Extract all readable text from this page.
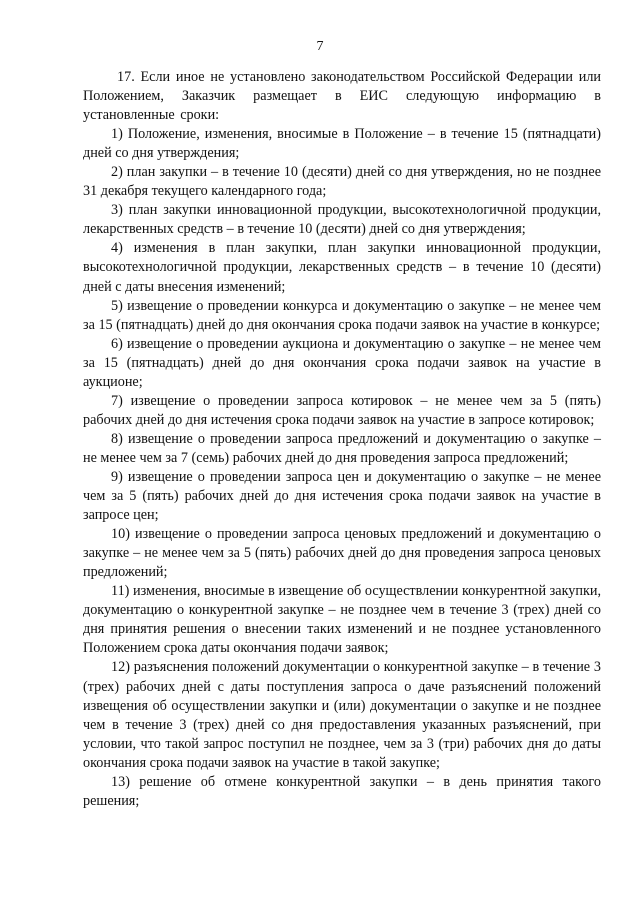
7

17. Если иное не установлено законодательством Российской Федерации или Положением, Заказчик размещает в ЕИС следующую информацию в установленные сроки:

1) Положение, изменения, вносимые в Положение – в течение 15 (пятнадцати) дней со дня утверждения;

2) план закупки – в течение 10 (десяти) дней со дня утверждения, но не позднее 31 декабря текущего календарного года;

3) план закупки инновационной продукции, высокотехнологичной продукции, лекарственных средств – в течение 10 (десяти) дней со дня утверждения;

4) изменения в план закупки, план закупки инновационной продукции, высокотехнологичной продукции, лекарственных средств – в течение 10 (десяти) дней с даты внесения изменений;

5) извещение о проведении конкурса и документацию о закупке – не менее чем за 15 (пятнадцать) дней до дня окончания срока подачи заявок на участие в конкурсе;

6) извещение о проведении аукциона и документацию о закупке – не менее чем за 15 (пятнадцать) дней до дня окончания срока подачи заявок на участие в аукционе;

7) извещение о проведении запроса котировок – не менее чем за 5 (пять) рабочих дней до дня истечения срока подачи заявок на участие в запросе котировок;

8) извещение о проведении запроса предложений и документацию о закупке – не менее чем за 7 (семь) рабочих дней до дня проведения запроса предложений;

9) извещение о проведении запроса цен и документацию о закупке – не менее чем за 5 (пять) рабочих дней до дня истечения срока подачи заявок на участие в запросе цен;

10) извещение о проведении запроса ценовых предложений и документацию о закупке – не менее чем за 5 (пять) рабочих дней до дня проведения запроса ценовых предложений;

11) изменения, вносимые в извещение об осуществлении конкурентной закупки, документацию о конкурентной закупке – не позднее чем в течение 3 (трех) дней со дня принятия решения о внесении таких изменений и не позднее установленного Положением срока даты окончания подачи заявок;

12) разъяснения положений документации о конкурентной закупке – в течение 3 (трех) рабочих дней с даты поступления запроса о даче разъяснений положений извещения об осуществлении закупки и (или) документации о закупке и не позднее чем в течение 3 (трех) дней со дня предоставления указанных разъяснений, при условии, что такой запрос поступил не позднее, чем за 3 (три) рабочих дня до даты окончания срока подачи заявок на участие в такой закупке;

13) решение об отмене конкурентной закупки – в день принятия такого решения;
